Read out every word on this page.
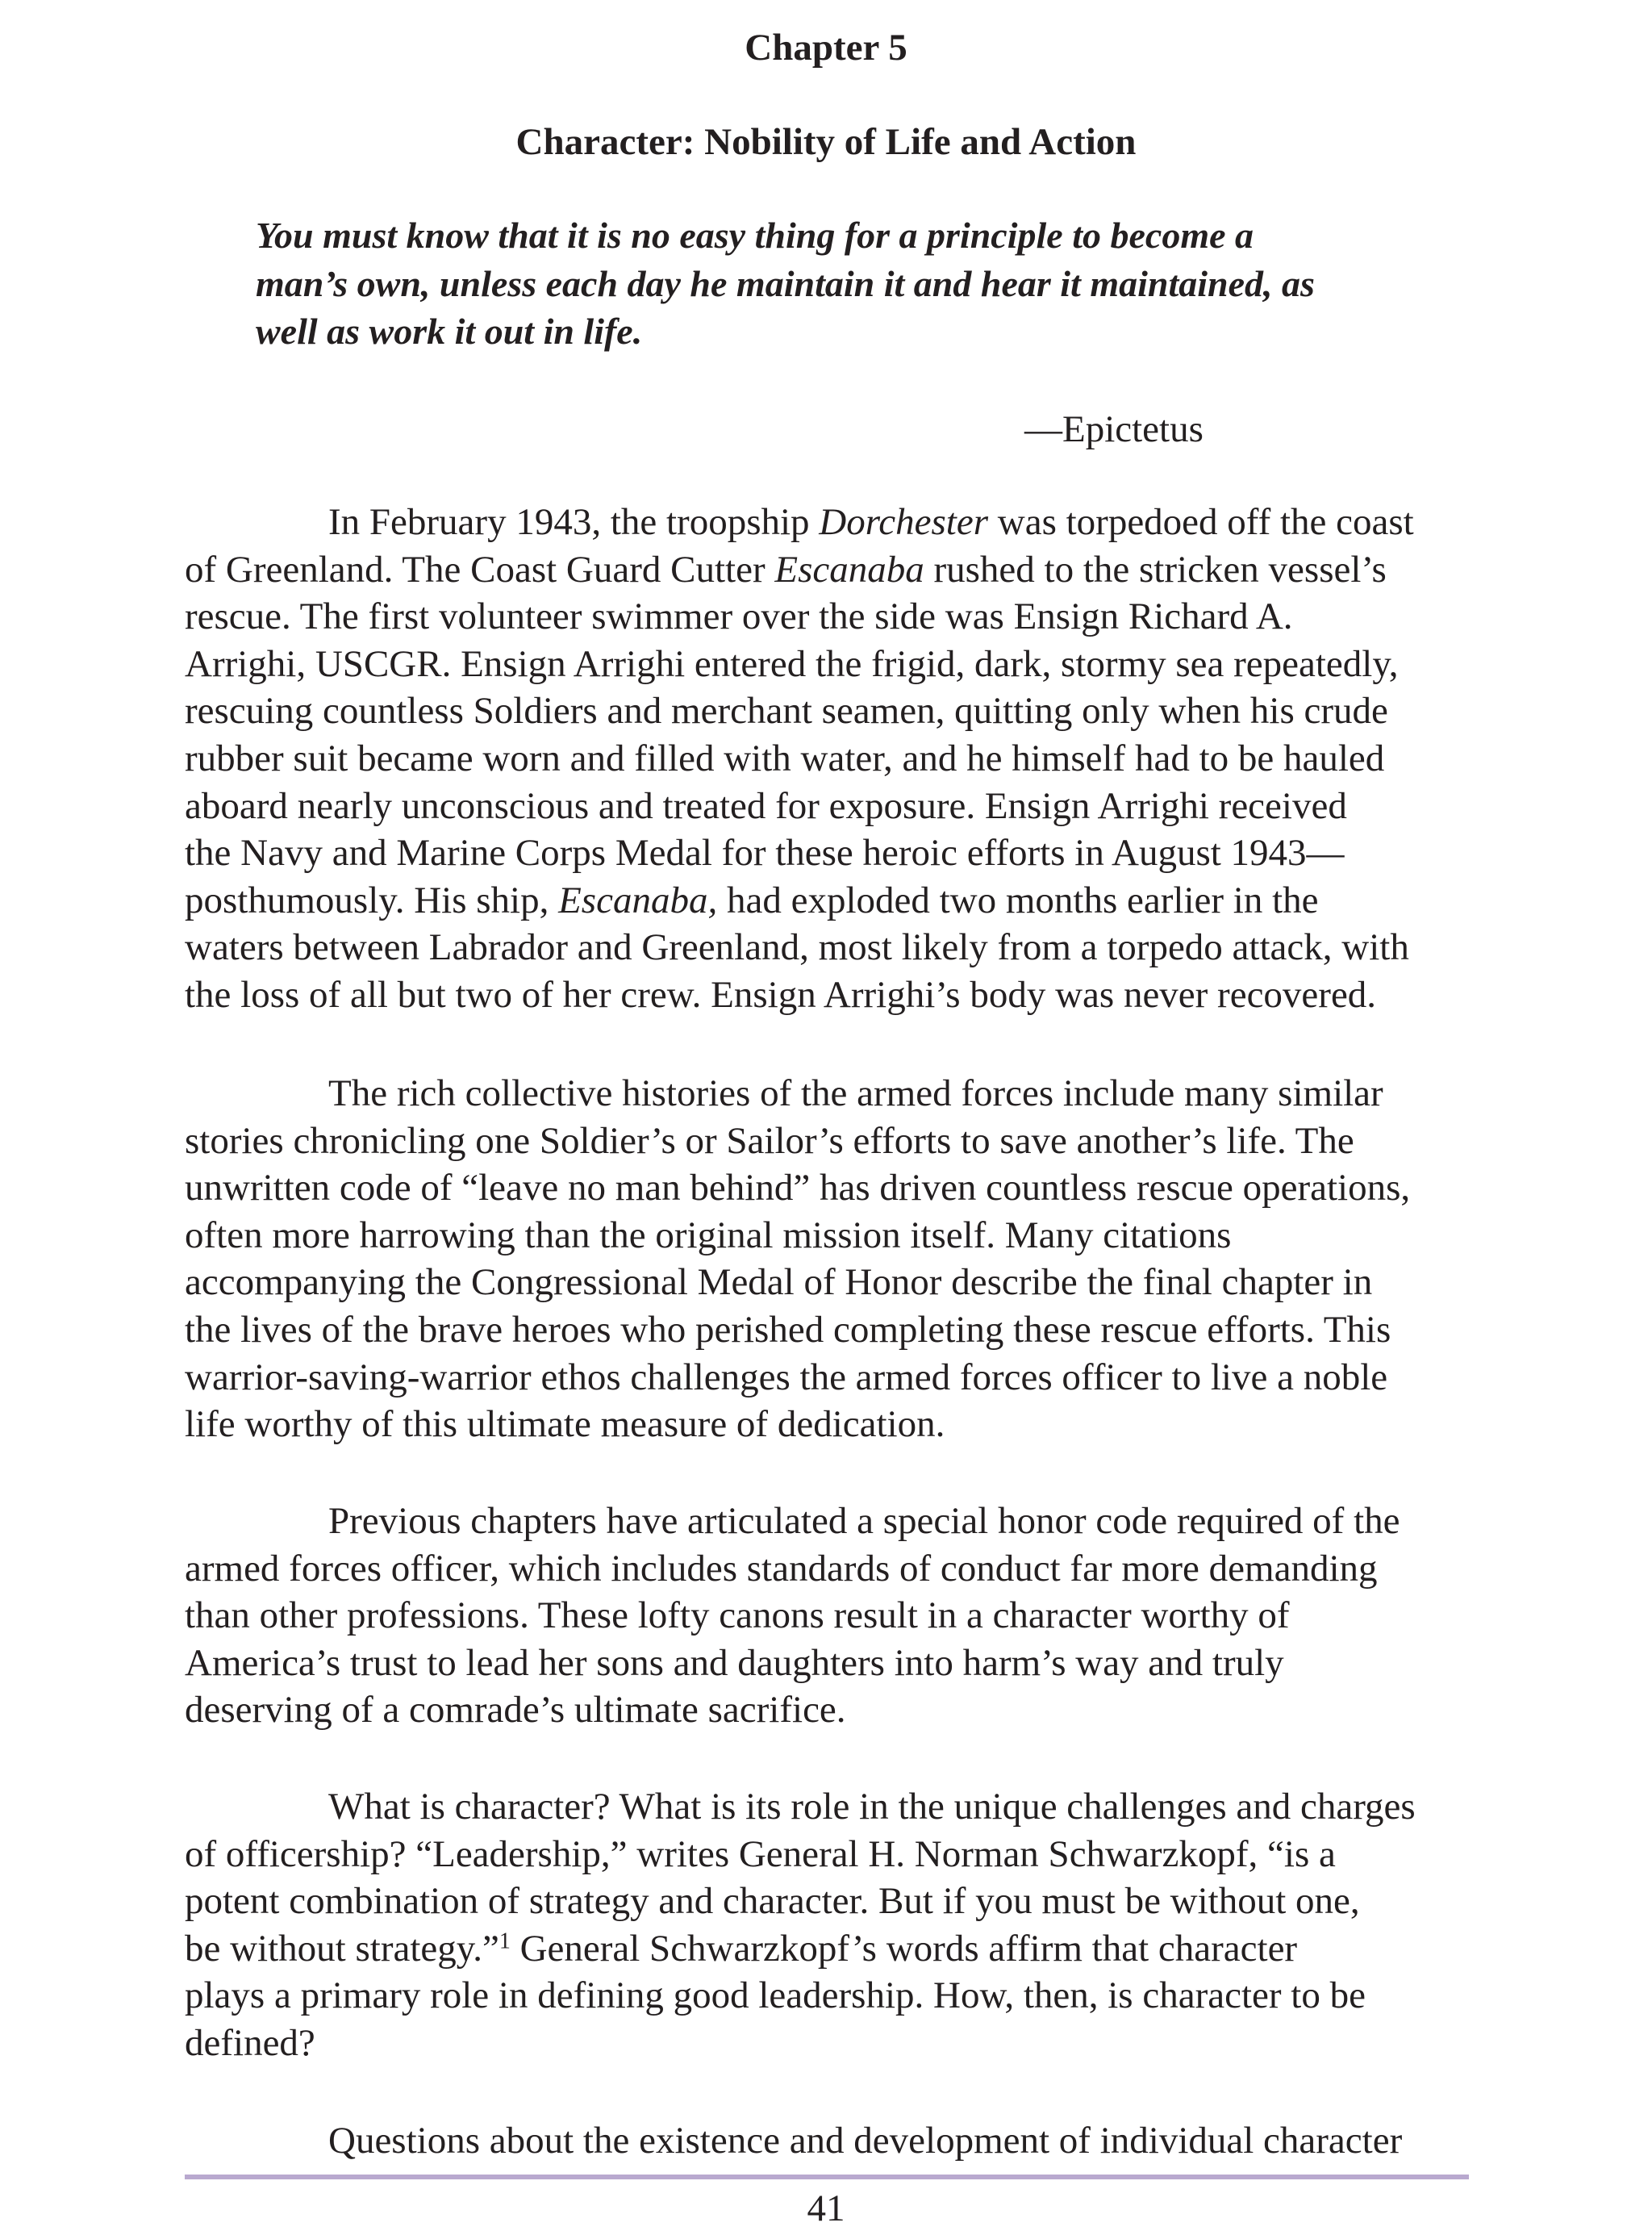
Chapter 5
Character: Nobility of Life and Action
You must know that it is no easy thing for a principle to become a
man’s own, unless each day he maintain it and hear it maintained, as
well as work it out in life.

—Epictetus

In February 1943, the troopship Dorchester was torpedoed off the coast
of Greenland. The Coast Guard Cutter Escanaba rushed to the stricken vessel’s
rescue. The first volunteer swimmer over the side was Ensign Richard A.
Arrighi, USCGR. Ensign Arrighi entered the frigid, dark, stormy sea repeatedly,
rescuing countless Soldiers and merchant seamen, quitting only when his crude
rubber suit became worn and filled with water, and he himself had to be hauled
aboard nearly unconscious and treated for exposure. Ensign Arrighi received
the Navy and Marine Corps Medal for these heroic efforts in August 1943—
posthumously. His ship, Escanaba, had exploded two months earlier in the
waters between Labrador and Greenland, most likely from a torpedo attack, with
the loss of all but two of her crew. Ensign Arrighi’s body was never recovered.

The rich collective histories of the armed forces include many similar
stories chronicling one Soldier’s or Sailor’s efforts to save another’s life. The
unwritten code of “leave no man behind” has driven countless rescue operations,
often more harrowing than the original mission itself. Many citations
accompanying the Congressional Medal of Honor describe the final chapter in
the lives of the brave heroes who perished completing these rescue efforts. This
warrior-saving-warrior ethos challenges the armed forces officer to live a noble
life worthy of this ultimate measure of dedication.

Previous chapters have articulated a special honor code required of the
armed forces officer, which includes standards of conduct far more demanding
than other professions. These lofty canons result in a character worthy of
America’s trust to lead her sons and daughters into harm’s way and truly
deserving of a comrade’s ultimate sacrifice.

What is character? What is its role in the unique challenges and charges
of officership? “Leadership,” writes General H. Norman Schwarzkopf, “is a
potent combination of strategy and character. But if you must be without one,
be without strategy.”$^1$ General Schwarzkopf’s words affirm that character
plays a primary role in defining good leadership. How, then, is character to be
defined?

Questions about the existence and development of individual character

41
